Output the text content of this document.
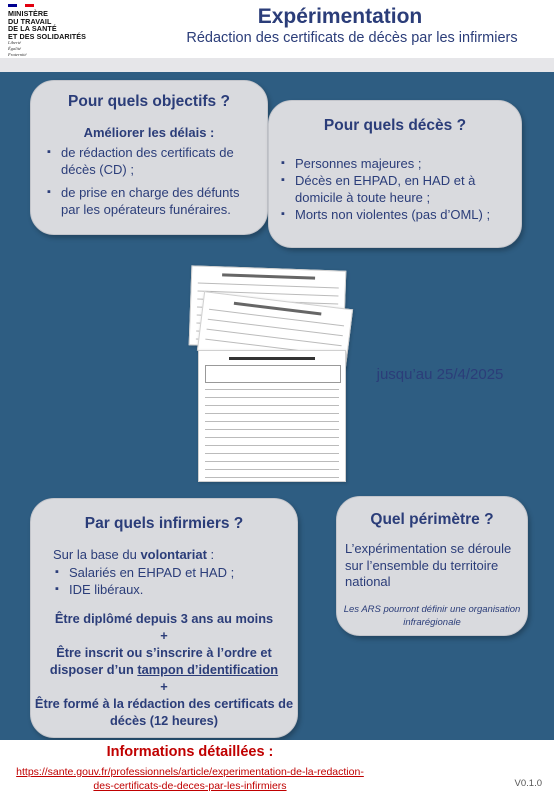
MINISTÈRE
DU TRAVAIL
DE LA SANTÉ
ET DES SOLIDARITÉS
Liberté
Égalité
Fraternité
Expérimentation
Rédaction des certificats de décès par les infirmiers
Pour quels objectifs ?
Améliorer les délais :
▪ de rédaction des certificats de décès (CD) ;
▪ de prise en charge des défunts par les opérateurs funéraires.
Pour quels décès ?
▪ Personnes majeures ;
▪ Décès en EHPAD, en HAD et à domicile à toute heure ;
▪ Morts non violentes (pas d’OML) ;
jusqu’au 25/4/2025
Par quels infirmiers ?
Sur la base du volontariat :
▪ Salariés en EHPAD et HAD ;
▪ IDE libéraux.
Être diplômé depuis 3 ans au moins
+
Être inscrit ou s’inscrire à l’ordre et disposer d’un tampon d’identification
+
Être formé à la rédaction des certificats de décès (12 heures)
Quel périmètre ?
L’expérimentation se déroule sur l’ensemble du territoire national
Les ARS pourront définir une organisation infrarégionale
Informations détaillées :
https://sante.gouv.fr/professionnels/article/experimentation-de-la-redaction-des-certificats-de-deces-par-les-infirmiers	V0.1.0
